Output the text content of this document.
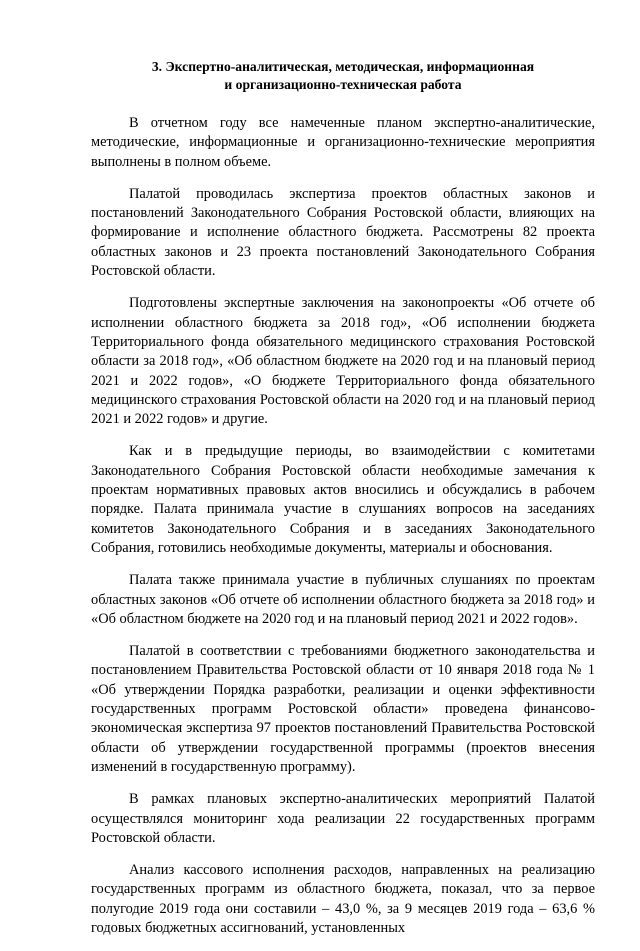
3. Экспертно-аналитическая, методическая, информационная
и организационно-техническая работа

В отчетном году все намеченные планом экспертно-аналитические, методические, информационные и организационно-технические мероприятия выполнены в полном объеме.

Палатой проводилась экспертиза проектов областных законов и постановлений Законодательного Собрания Ростовской области, влияющих на формирование и исполнение областного бюджета. Рассмотрены 82 проекта областных законов и 23 проекта постановлений Законодательного Собрания Ростовской области.

Подготовлены экспертные заключения на законопроекты «Об отчете об исполнении областного бюджета за 2018 год», «Об исполнении бюджета Территориального фонда обязательного медицинского страхования Ростовской области за 2018 год», «Об областном бюджете на 2020 год и на плановый период 2021 и 2022 годов», «О бюджете Территориального фонда обязательного медицинского страхования Ростовской области на 2020 год и на плановый период 2021 и 2022 годов» и другие.

Как и в предыдущие периоды, во взаимодействии с комитетами Законодательного Собрания Ростовской области необходимые замечания к проектам нормативных правовых актов вносились и обсуждались в рабочем порядке. Палата принимала участие в слушаниях вопросов на заседаниях комитетов Законодательного Собрания и в заседаниях Законодательного Собрания, готовились необходимые документы, материалы и обоснования.

Палата также принимала участие в публичных слушаниях по проектам областных законов «Об отчете об исполнении областного бюджета за 2018 год» и «Об областном бюджете на 2020 год и на плановый период 2021 и 2022 годов».

Палатой в соответствии с требованиями бюджетного законодательства и постановлением Правительства Ростовской области от 10 января 2018 года № 1 «Об утверждении Порядка разработки, реализации и оценки эффективности государственных программ Ростовской области» проведена финансово-экономическая экспертиза 97 проектов постановлений Правительства Ростовской области об утверждении государственной программы (проектов внесения изменений в государственную программу).

В рамках плановых экспертно-аналитических мероприятий Палатой осуществлялся мониторинг хода реализации 22 государственных программ Ростовской области.

Анализ кассового исполнения расходов, направленных на реализацию государственных программ из областного бюджета, показал, что за первое полугодие 2019 года они составили – 43,0 %, за 9 месяцев 2019 года – 63,6 % годовых бюджетных ассигнований, установленных
